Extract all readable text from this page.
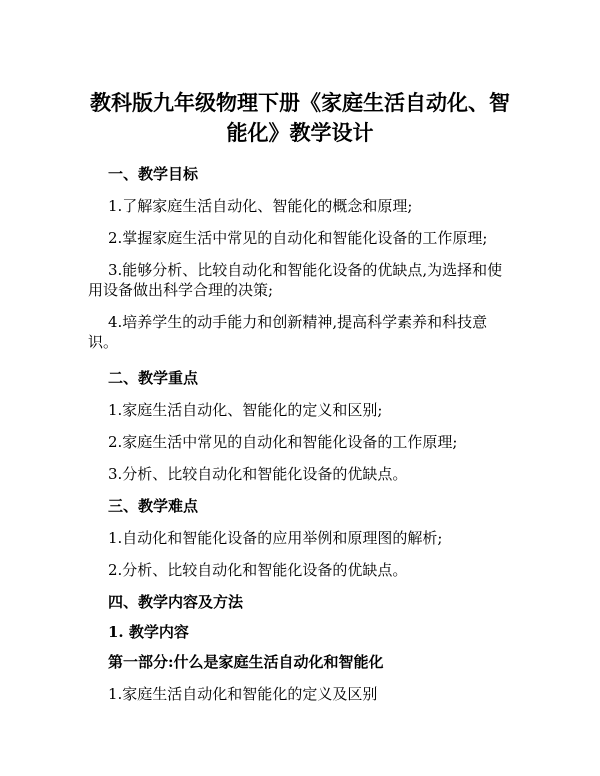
教科版九年级物理下册《家庭生活自动化、智能化》教学设计
一、教学目标
1.了解家庭生活自动化、智能化的概念和原理;
2.掌握家庭生活中常见的自动化和智能化设备的工作原理;
3.能够分析、比较自动化和智能化设备的优缺点,为选择和使用设备做出科学合理的决策;
4.培养学生的动手能力和创新精神,提高科学素养和科技意识。
二、教学重点
1.家庭生活自动化、智能化的定义和区别;
2.家庭生活中常见的自动化和智能化设备的工作原理;
3.分析、比较自动化和智能化设备的优缺点。
三、教学难点
1.自动化和智能化设备的应用举例和原理图的解析;
2.分析、比较自动化和智能化设备的优缺点。
四、教学内容及方法
1. 教学内容
第一部分:什么是家庭生活自动化和智能化
1.家庭生活自动化和智能化的定义及区别
